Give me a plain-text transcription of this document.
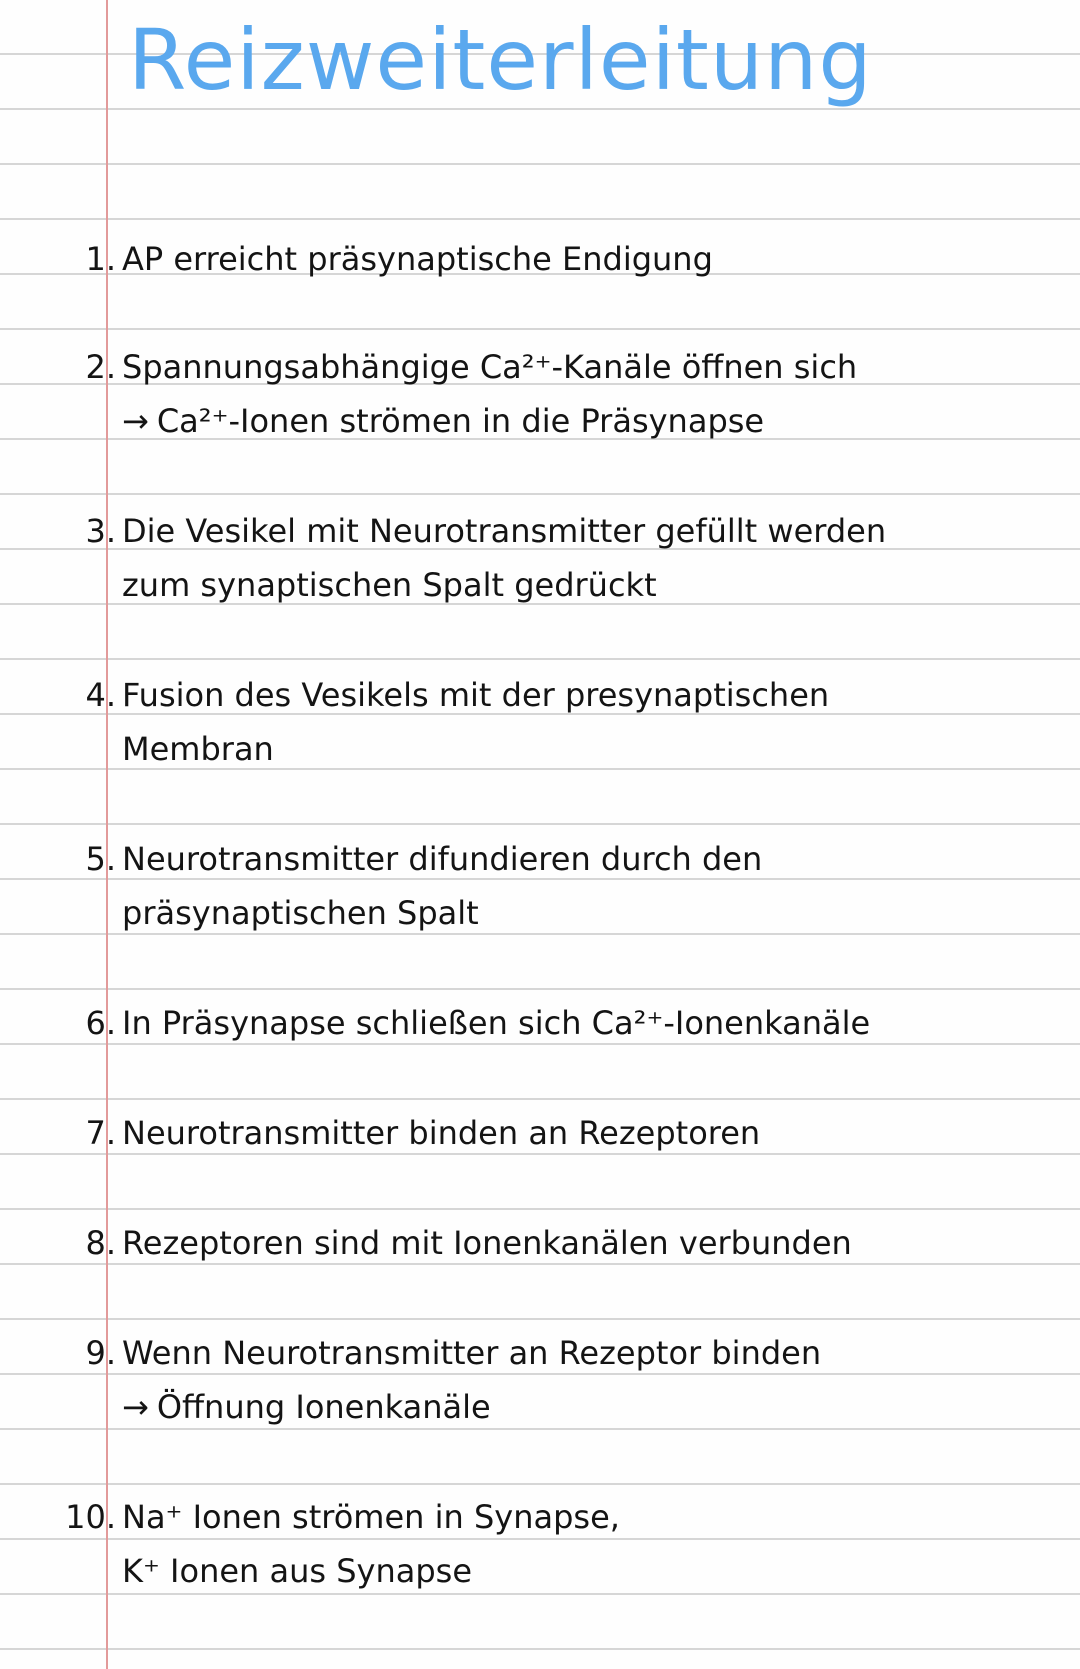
Reizweiterleitung
1. AP erreicht präsynaptische Endigung
2. Spannungsabhängige Ca²⁺-Kanäle öffnen sich
→ Ca²⁺-Ionen strömen in die Präsynapse
3. Die Vesikel mit Neurotransmitter gefüllt werden
zum synaptischen Spalt gedrückt
4. Fusion des Vesikels mit der presynaptischen
Membran
5. Neurotransmitter difundieren durch den
präsynaptischen Spalt
6. In Präsynapse schließen sich Ca²⁺-Ionenkanäle
7. Neurotransmitter binden an Rezeptoren
8. Rezeptoren sind mit Ionenkanälen verbunden
9. Wenn Neurotransmitter an Rezeptor binden
→ Öffnung Ionenkanäle
10. Na⁺ Ionen strömen in Synapse,
K⁺ Ionen aus Synapse
